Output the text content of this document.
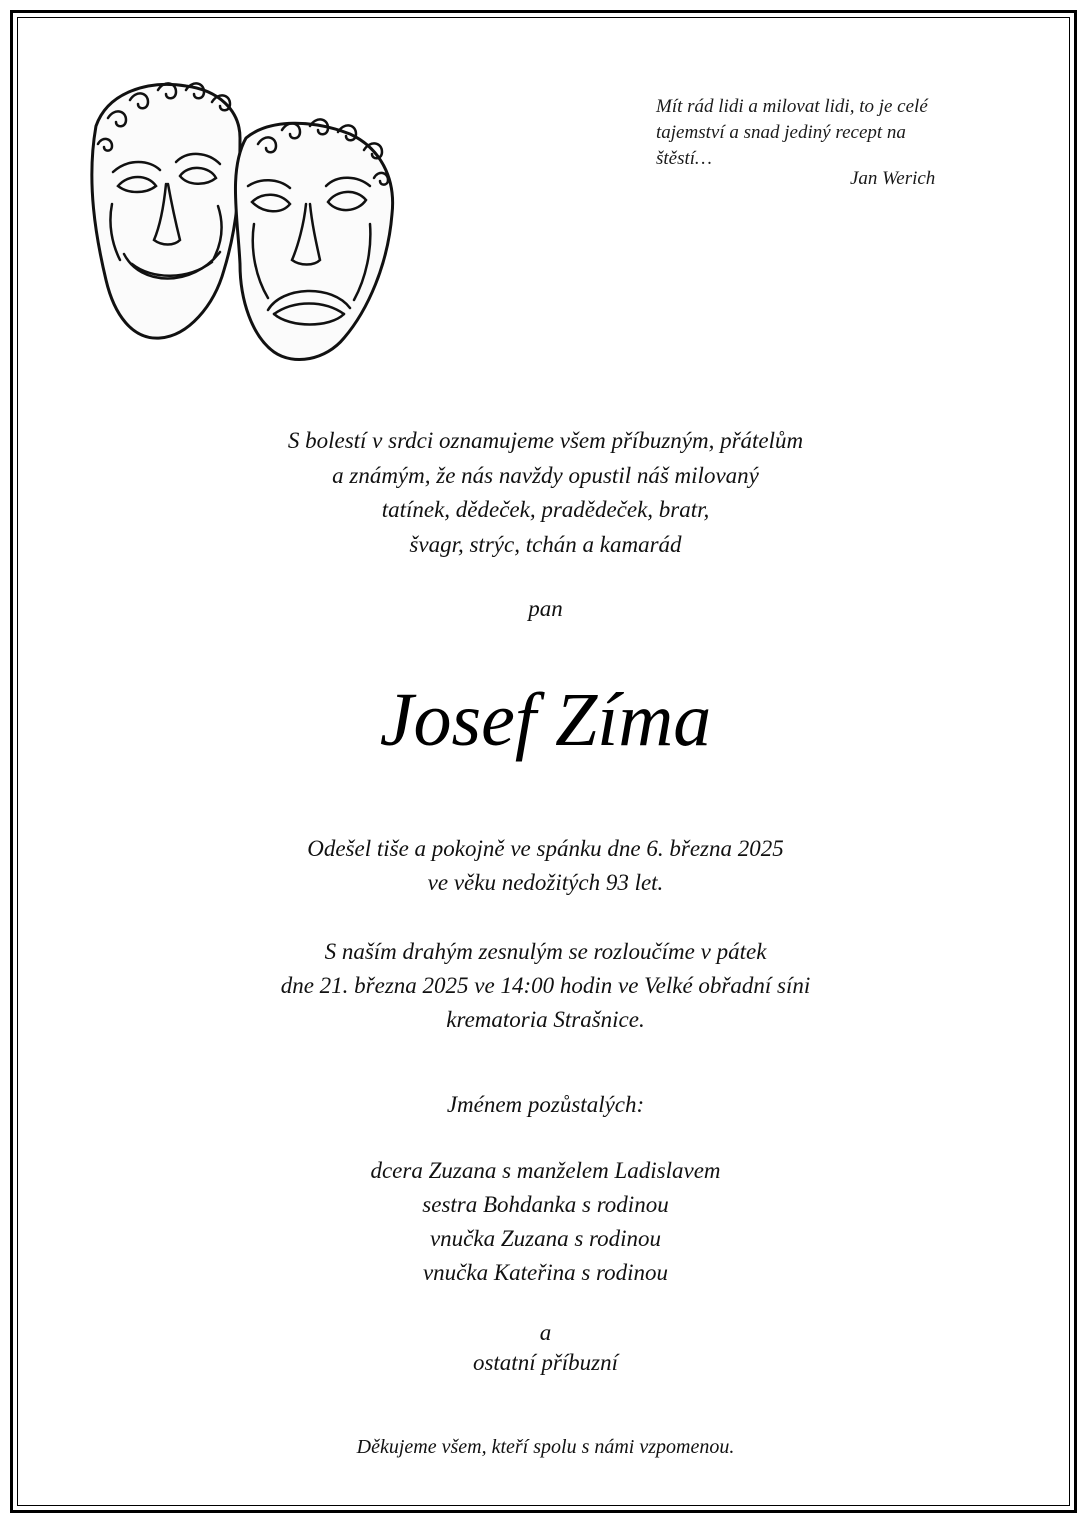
Mít rád lidi a milovat lidi, to je celé
tajemství a snad jediný recept na
štěstí…
Jan Werich
S bolestí v srdci oznamujeme všem příbuzným, přátelům
a známým, že nás navždy opustil náš milovaný
tatínek, dědeček, pradědeček, bratr,
švagr, strýc, tchán a kamarád
pan
Josef Zíma
Odešel tiše a pokojně ve spánku dne 6. března 2025
ve věku nedožitých 93 let.
S naším drahým zesnulým se rozloučíme v pátek
dne 21. března 2025 ve 14:00 hodin ve Velké obřadní síni
krematoria Strašnice.
Jménem pozůstalých:
dcera Zuzana s manželem Ladislavem
sestra Bohdanka s rodinou
vnučka Zuzana s rodinou
vnučka Kateřina s rodinou
a
ostatní příbuzní
Děkujeme všem, kteří spolu s námi vzpomenou.
